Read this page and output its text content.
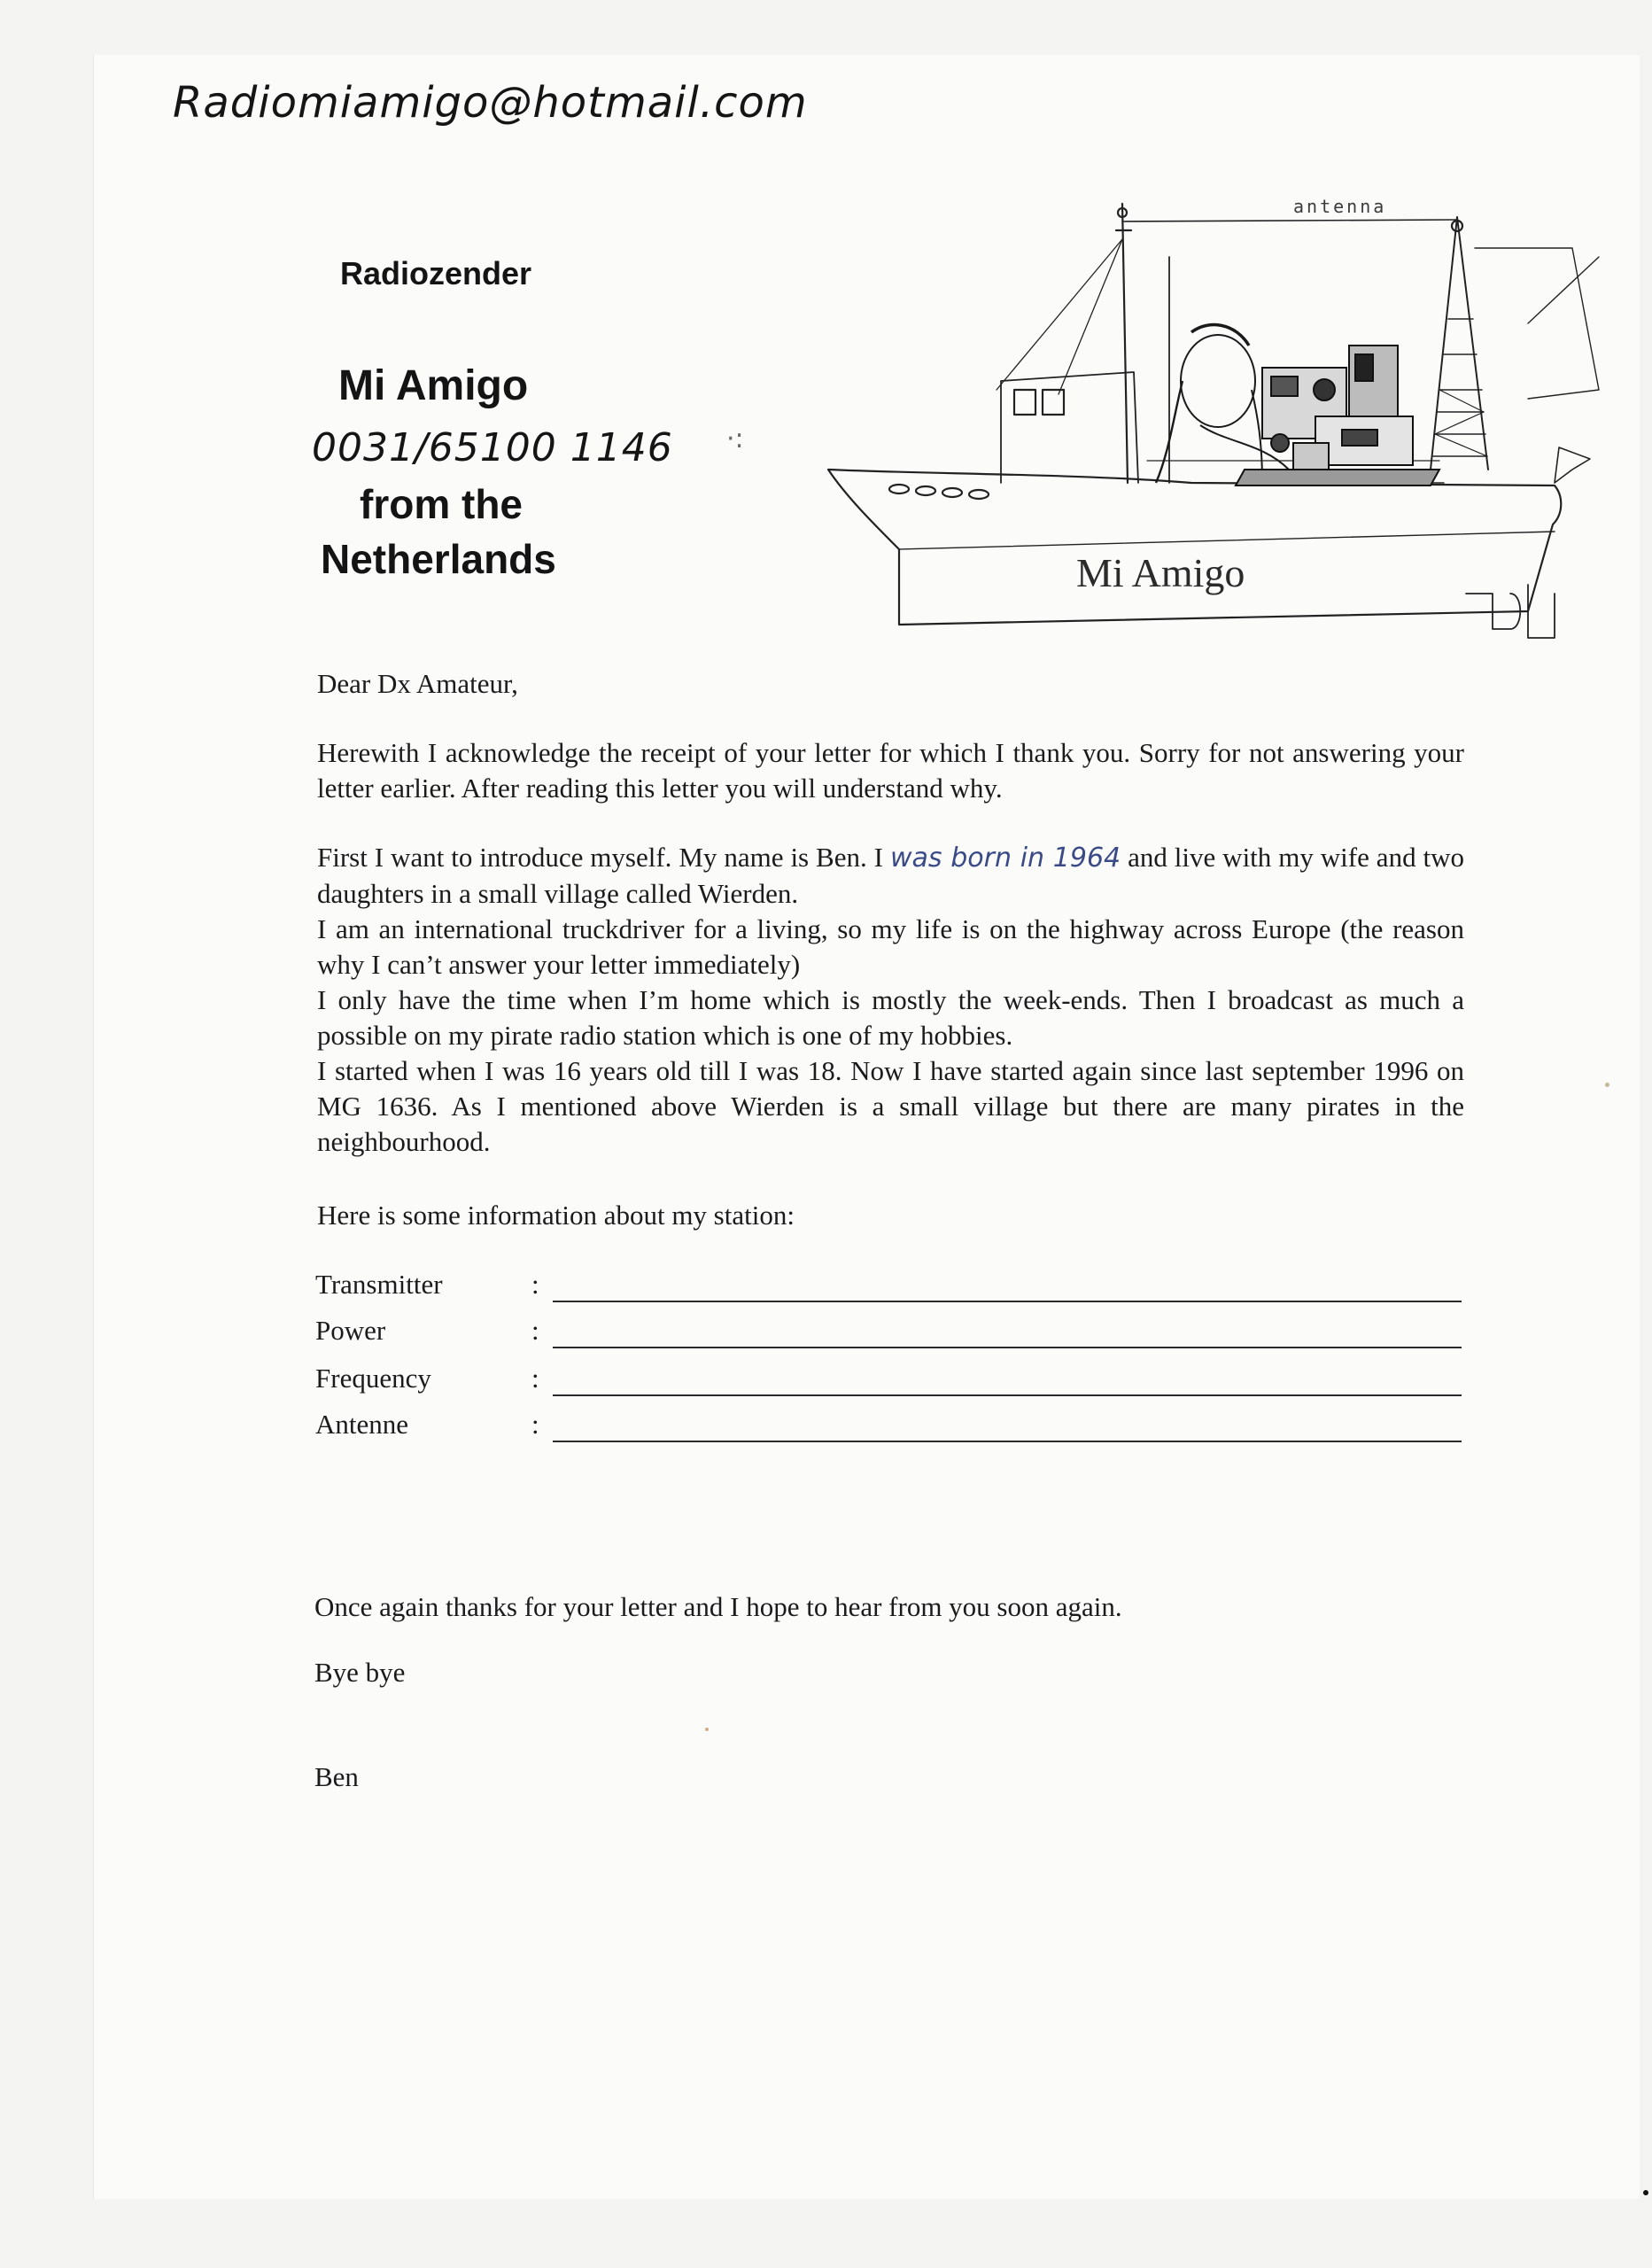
Radiomiamigo@hotmail.com
Radiozender
Mi Amigo
0031/65100 1146 ·:
from the
Netherlands
antenna
Mi Amigo
Dear Dx Amateur,
Herewith I acknowledge the receipt of your letter for which I thank you. Sorry for not answering your letter earlier. After reading this letter you will understand why.
First I want to introduce myself. My name is Ben. I was born in 1964 and live with my wife and two daughters in a small village called Wierden.
I am an international truckdriver for a living, so my life is on the highway across Europe (the reason why I can’t answer your letter immediately)
I only have the time when I’m home which is mostly the week-ends. Then I broadcast as much a possible on my pirate radio station which is one of my hobbies.
I started when I was 16 years old till I was 18. Now I have started again since last september 1996 on MG 1636. As I mentioned above Wierden is a small village but there are many pirates in the neighbourhood.
Here is some information about my station:
Transmitter	:
Power	:
Frequency	:
Antenne	:
Once again thanks for your letter and I hope to hear from you soon again.
Bye bye
Ben
